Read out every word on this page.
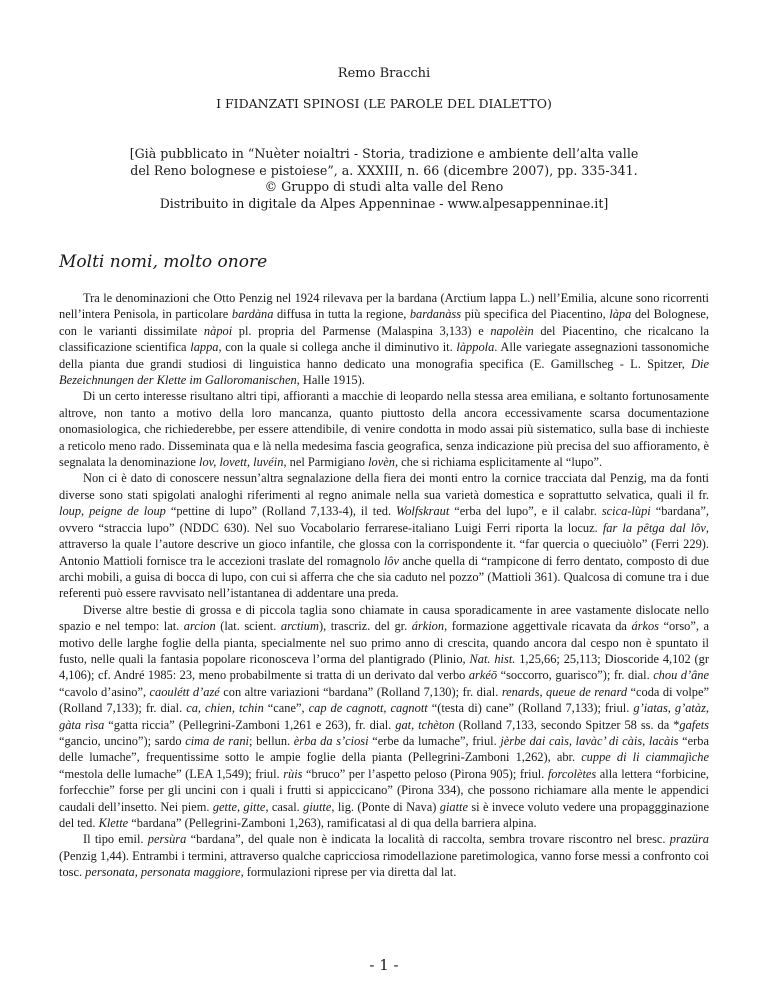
Remo Bracchi
I FIDANZATI SPINOSI (LE PAROLE DEL DIALETTO)
[Già pubblicato in “Nuèter noialtri - Storia, tradizione e ambiente dell’alta valle
del Reno bolognese e pistoiese”, a. XXXIII, n. 66 (dicembre 2007), pp. 335-341.
© Gruppo di studi alta valle del Reno
Distribuito in digitale da Alpes Appenninae - www.alpesappenninae.it]
Molti nomi, molto onore

Tra le denominazioni che Otto Penzig nel 1924 rilevava per la bardana (Arctium lappa L.) nell’Emilia, alcune sono ricorrenti nell’intera Penisola, in particolare bardàna diffusa in tutta la regione, bardanàss più specifica del Piacentino, làpa del Bolognese, con le varianti dissimilate nàpoi pl. propria del Parmense (Malaspina 3,133) e napolèin del Piacentino, che ricalcano la classificazione scientifica lappa, con la quale si collega anche il diminutivo it. làppola. Alle variegate assegnazioni tassonomiche della pianta due grandi studiosi di linguistica hanno dedicato una monografia specifica (E. Gamillscheg - L. Spitzer, Die Bezeichnungen der Klette im Galloromanischen, Halle 1915).

Di un certo interesse risultano altri tipi, affioranti a macchie di leopardo nella stessa area emiliana, e soltanto fortunosamente altrove, non tanto a motivo della loro mancanza, quanto piuttosto della ancora eccessivamente scarsa documentazione onomasiologica, che richiederebbe, per essere attendibile, di venire condotta in modo assai più sistematico, sulla base di inchieste a reticolo meno rado. Disseminata qua e là nella medesima fascia geografica, senza indicazione più precisa del suo affioramento, è segnalata la denominazione lov, lovett, luvéin, nel Parmigiano lovèn, che si richiama esplicitamente al “lupo”.

Non ci è dato di conoscere nessun’altra segnalazione della fiera dei monti entro la cornice tracciata dal Penzig, ma da fonti diverse sono stati spigolati analoghi riferimenti al regno animale nella sua varietà domestica e soprattutto selvatica, quali il fr. loup, peigne de loup “pettine di lupo” (Rolland 7,133-4), il ted. Wolfskraut “erba del lupo”, e il calabr. scica-lùpi “bardana”, ovvero “straccia lupo” (NDDC 630). Nel suo Vocabolario ferrarese-italiano Luigi Ferri riporta la locuz. far la pêtga dal lôv, attraverso la quale l’autore descrive un gioco infantile, che glossa con la corrispondente it. “far quercia o queciuòlo” (Ferri 229). Antonio Mattioli fornisce tra le accezioni traslate del romagnolo lôv anche quella di “rampicone di ferro dentato, composto di due archi mobili, a guisa di bocca di lupo, con cui si afferra che che sia caduto nel pozzo” (Mattioli 361). Qualcosa di comune tra i due referenti può essere ravvisato nell’istantanea di addentare una preda.

Diverse altre bestie di grossa e di piccola taglia sono chiamate in causa sporadicamente in aree vastamente dislocate nello spazio e nel tempo: lat. arcion (lat. scient. arctium), trascriz. del gr. árkion, formazione aggettivale ricavata da árkos “orso”, a motivo delle larghe foglie della pianta, specialmente nel suo primo anno di crescita, quando ancora dal cespo non è spuntato il fusto, nelle quali la fantasia popolare riconosceva l’orma del plantigrado (Plinio, Nat. hist. 1,25,66; 25,113; Dioscoride 4,102 (gr 4,106); cf. André 1985: 23, meno probabilmente si tratta di un derivato dal verbo arkéō “soccorro, guarisco”); fr. dial. chou d’âne “cavolo d’asino”, caoulétt d’azé con altre variazioni “bardana” (Rolland 7,130); fr. dial. renards, queue de renard “coda di volpe” (Rolland 7,133); fr. dial. ca, chien, tchin “cane”, cap de cagnott, cagnott “(testa di) cane” (Rolland 7,133); friul. g’iatas, g’atàz, gàta rìsa “gatta riccia” (Pellegrini-Zamboni 1,261 e 263), fr. dial. gat, tchèton (Rolland 7,133, secondo Spitzer 58 ss. da *gafets “gancio, uncino”); sardo cima de rani; bellun. èrba da s’ciosi “erbe da lumache”, friul. jèrbe dai caìs, lavàc’ di càis, lacàis “erba delle lumache”, frequentissime sotto le ampie foglie della pianta (Pellegrini-Zamboni 1,262), abr. cuppe di li ciammajìche “mestola delle lumache” (LEA 1,549); friul. rùis “bruco” per l’aspetto peloso (Pirona 905); friul. forcolètes alla lettera “forbicine, forfecchie” forse per gli uncini con i quali i frutti si appiccicano” (Pirona 334), che possono richiamare alla mente le appendici caudali dell’insetto. Nei piem. gette, gitte, casal. giutte, lig. (Ponte di Nava) giatte si è invece voluto vedere una propaggginazione del ted. Klette “bardana” (Pellegrini-Zamboni 1,263), ramificatasi al di qua della barriera alpina.

Il tipo emil. persùra “bardana”, del quale non è indicata la località di raccolta, sembra trovare riscontro nel bresc. prazüra (Penzig 1,44). Entrambi i termini, attraverso qualche capricciosa rimodellazione paretimologica, vanno forse messi a confronto coi tosc. personata, personata maggiore, formulazioni riprese per via diretta dal lat.

- 1 -
